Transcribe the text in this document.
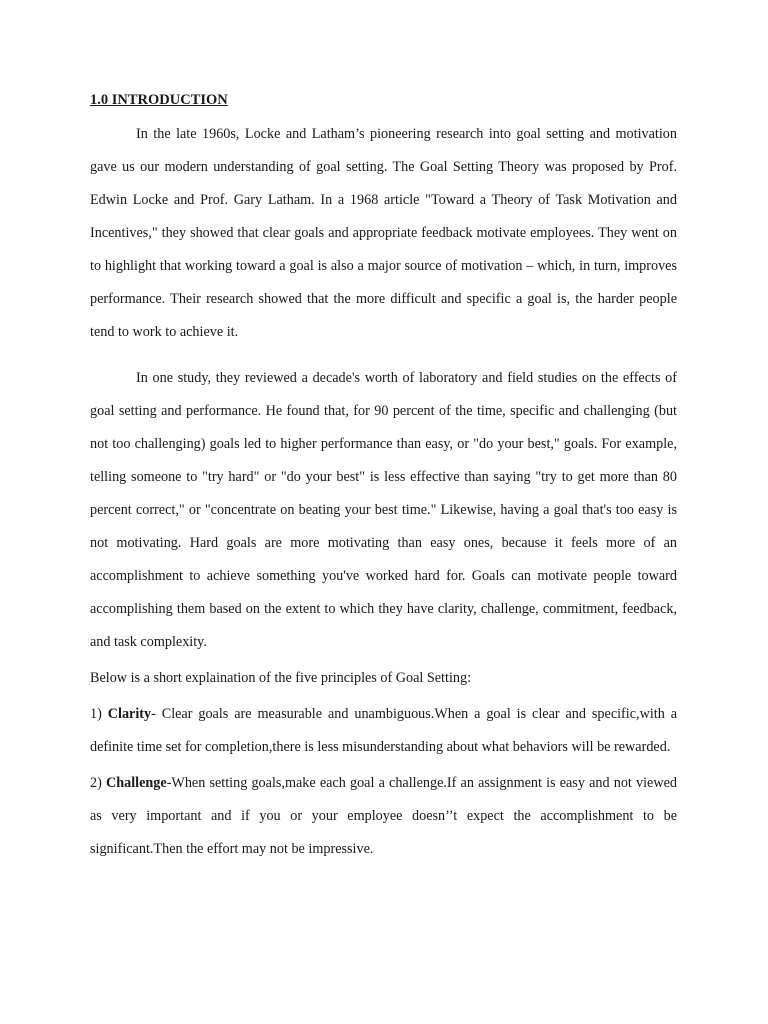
1.0 INTRODUCTION

In the late 1960s, Locke and Latham’s pioneering research into goal setting and motivation gave us our modern understanding of goal setting. The Goal Setting Theory was proposed by Prof. Edwin Locke and Prof. Gary Latham. In a 1968 article "Toward a Theory of Task Motivation and Incentives," they showed that clear goals and appropriate feedback motivate employees. They went on to highlight that working toward a goal is also a major source of motivation – which, in turn, improves performance. Their research showed that the more difficult and specific a goal is, the harder people tend to work to achieve it.

In one study, they reviewed a decade's worth of laboratory and field studies on the effects of goal setting and performance. He found that, for 90 percent of the time, specific and challenging (but not too challenging) goals led to higher performance than easy, or "do your best," goals. For example, telling someone to "try hard" or "do your best" is less effective than saying "try to get more than 80 percent correct," or "concentrate on beating your best time." Likewise, having a goal that's too easy is not motivating. Hard goals are more motivating than easy ones, because it feels more of an accomplishment to achieve something you've worked hard for. Goals can motivate people toward accomplishing them based on the extent to which they have clarity, challenge, commitment, feedback, and task complexity.

Below is a short explaination of the five principles of Goal Setting:

1) Clarity- Clear goals are measurable and unambiguous.When a goal is clear and specific,with a definite time set for completion,there is less misunderstanding about what behaviors will be rewarded.

2) Challenge-When setting goals,make each goal a challenge.If an assignment is easy and not viewed as very important and if you or your employee doesn’’t expect the accomplishment to be significant.Then the effort may not be impressive.
